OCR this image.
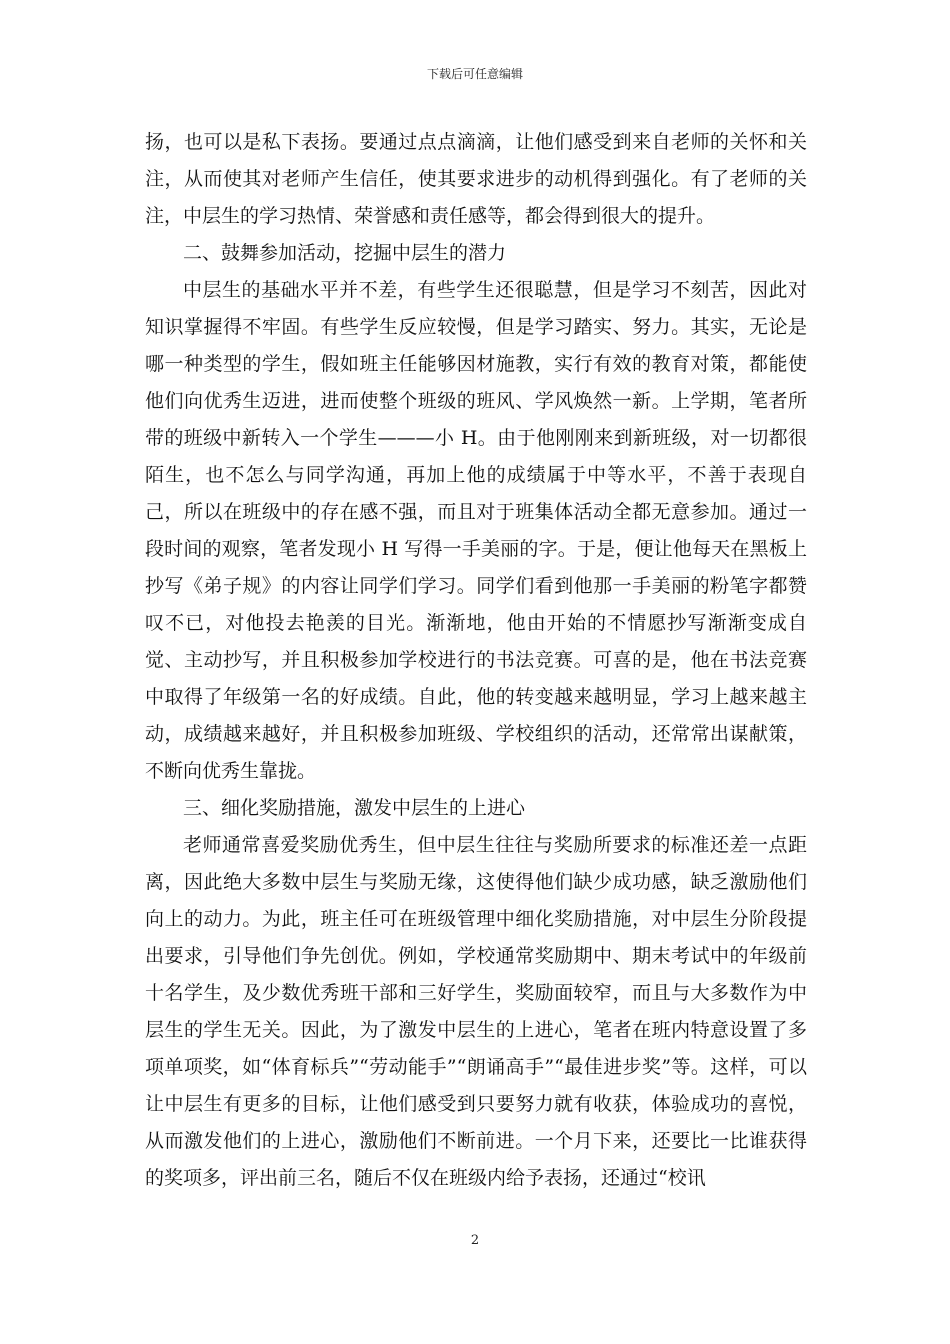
下载后可任意编辑

扬，也可以是私下表扬。要通过点点滴滴，让他们感受到来自老师的关怀和关注，从而使其对老师产生信任，使其要求进步的动机得到强化。有了老师的关注，中层生的学习热情、荣誉感和责任感等，都会得到很大的提升。

二、鼓舞参加活动，挖掘中层生的潜力

中层生的基础水平并不差，有些学生还很聪慧，但是学习不刻苦，因此对知识掌握得不牢固。有些学生反应较慢，但是学习踏实、努力。其实，无论是哪一种类型的学生，假如班主任能够因材施教，实行有效的教育对策，都能使他们向优秀生迈进，进而使整个班级的班风、学风焕然一新。上学期，笔者所带的班级中新转入一个学生———小 H。由于他刚刚来到新班级，对一切都很陌生，也不怎么与同学沟通，再加上他的成绩属于中等水平，不善于表现自己，所以在班级中的存在感不强，而且对于班集体活动全都无意参加。通过一段时间的观察，笔者发现小 H 写得一手美丽的字。于是，便让他每天在黑板上抄写《弟子规》的内容让同学们学习。同学们看到他那一手美丽的粉笔字都赞叹不已，对他投去艳羡的目光。渐渐地，他由开始的不情愿抄写渐渐变成自觉、主动抄写，并且积极参加学校进行的书法竞赛。可喜的是，他在书法竞赛中取得了年级第一名的好成绩。自此，他的转变越来越明显，学习上越来越主动，成绩越来越好，并且积极参加班级、学校组织的活动，还常常出谋献策，不断向优秀生靠拢。

三、细化奖励措施，激发中层生的上进心

老师通常喜爱奖励优秀生，但中层生往往与奖励所要求的标准还差一点距离，因此绝大多数中层生与奖励无缘，这使得他们缺少成功感，缺乏激励他们向上的动力。为此，班主任可在班级管理中细化奖励措施，对中层生分阶段提出要求，引导他们争先创优。例如，学校通常奖励期中、期末考试中的年级前十名学生，及少数优秀班干部和三好学生，奖励面较窄，而且与大多数作为中层生的学生无关。因此，为了激发中层生的上进心，笔者在班内特意设置了多项单项奖，如“体育标兵”“劳动能手”“朗诵高手”“最佳进步奖”等。这样，可以让中层生有更多的目标，让他们感受到只要努力就有收获，体验成功的喜悦，从而激发他们的上进心，激励他们不断前进。一个月下来，还要比一比谁获得的奖项多，评出前三名，随后不仅在班级内给予表扬，还通过“校讯

2
